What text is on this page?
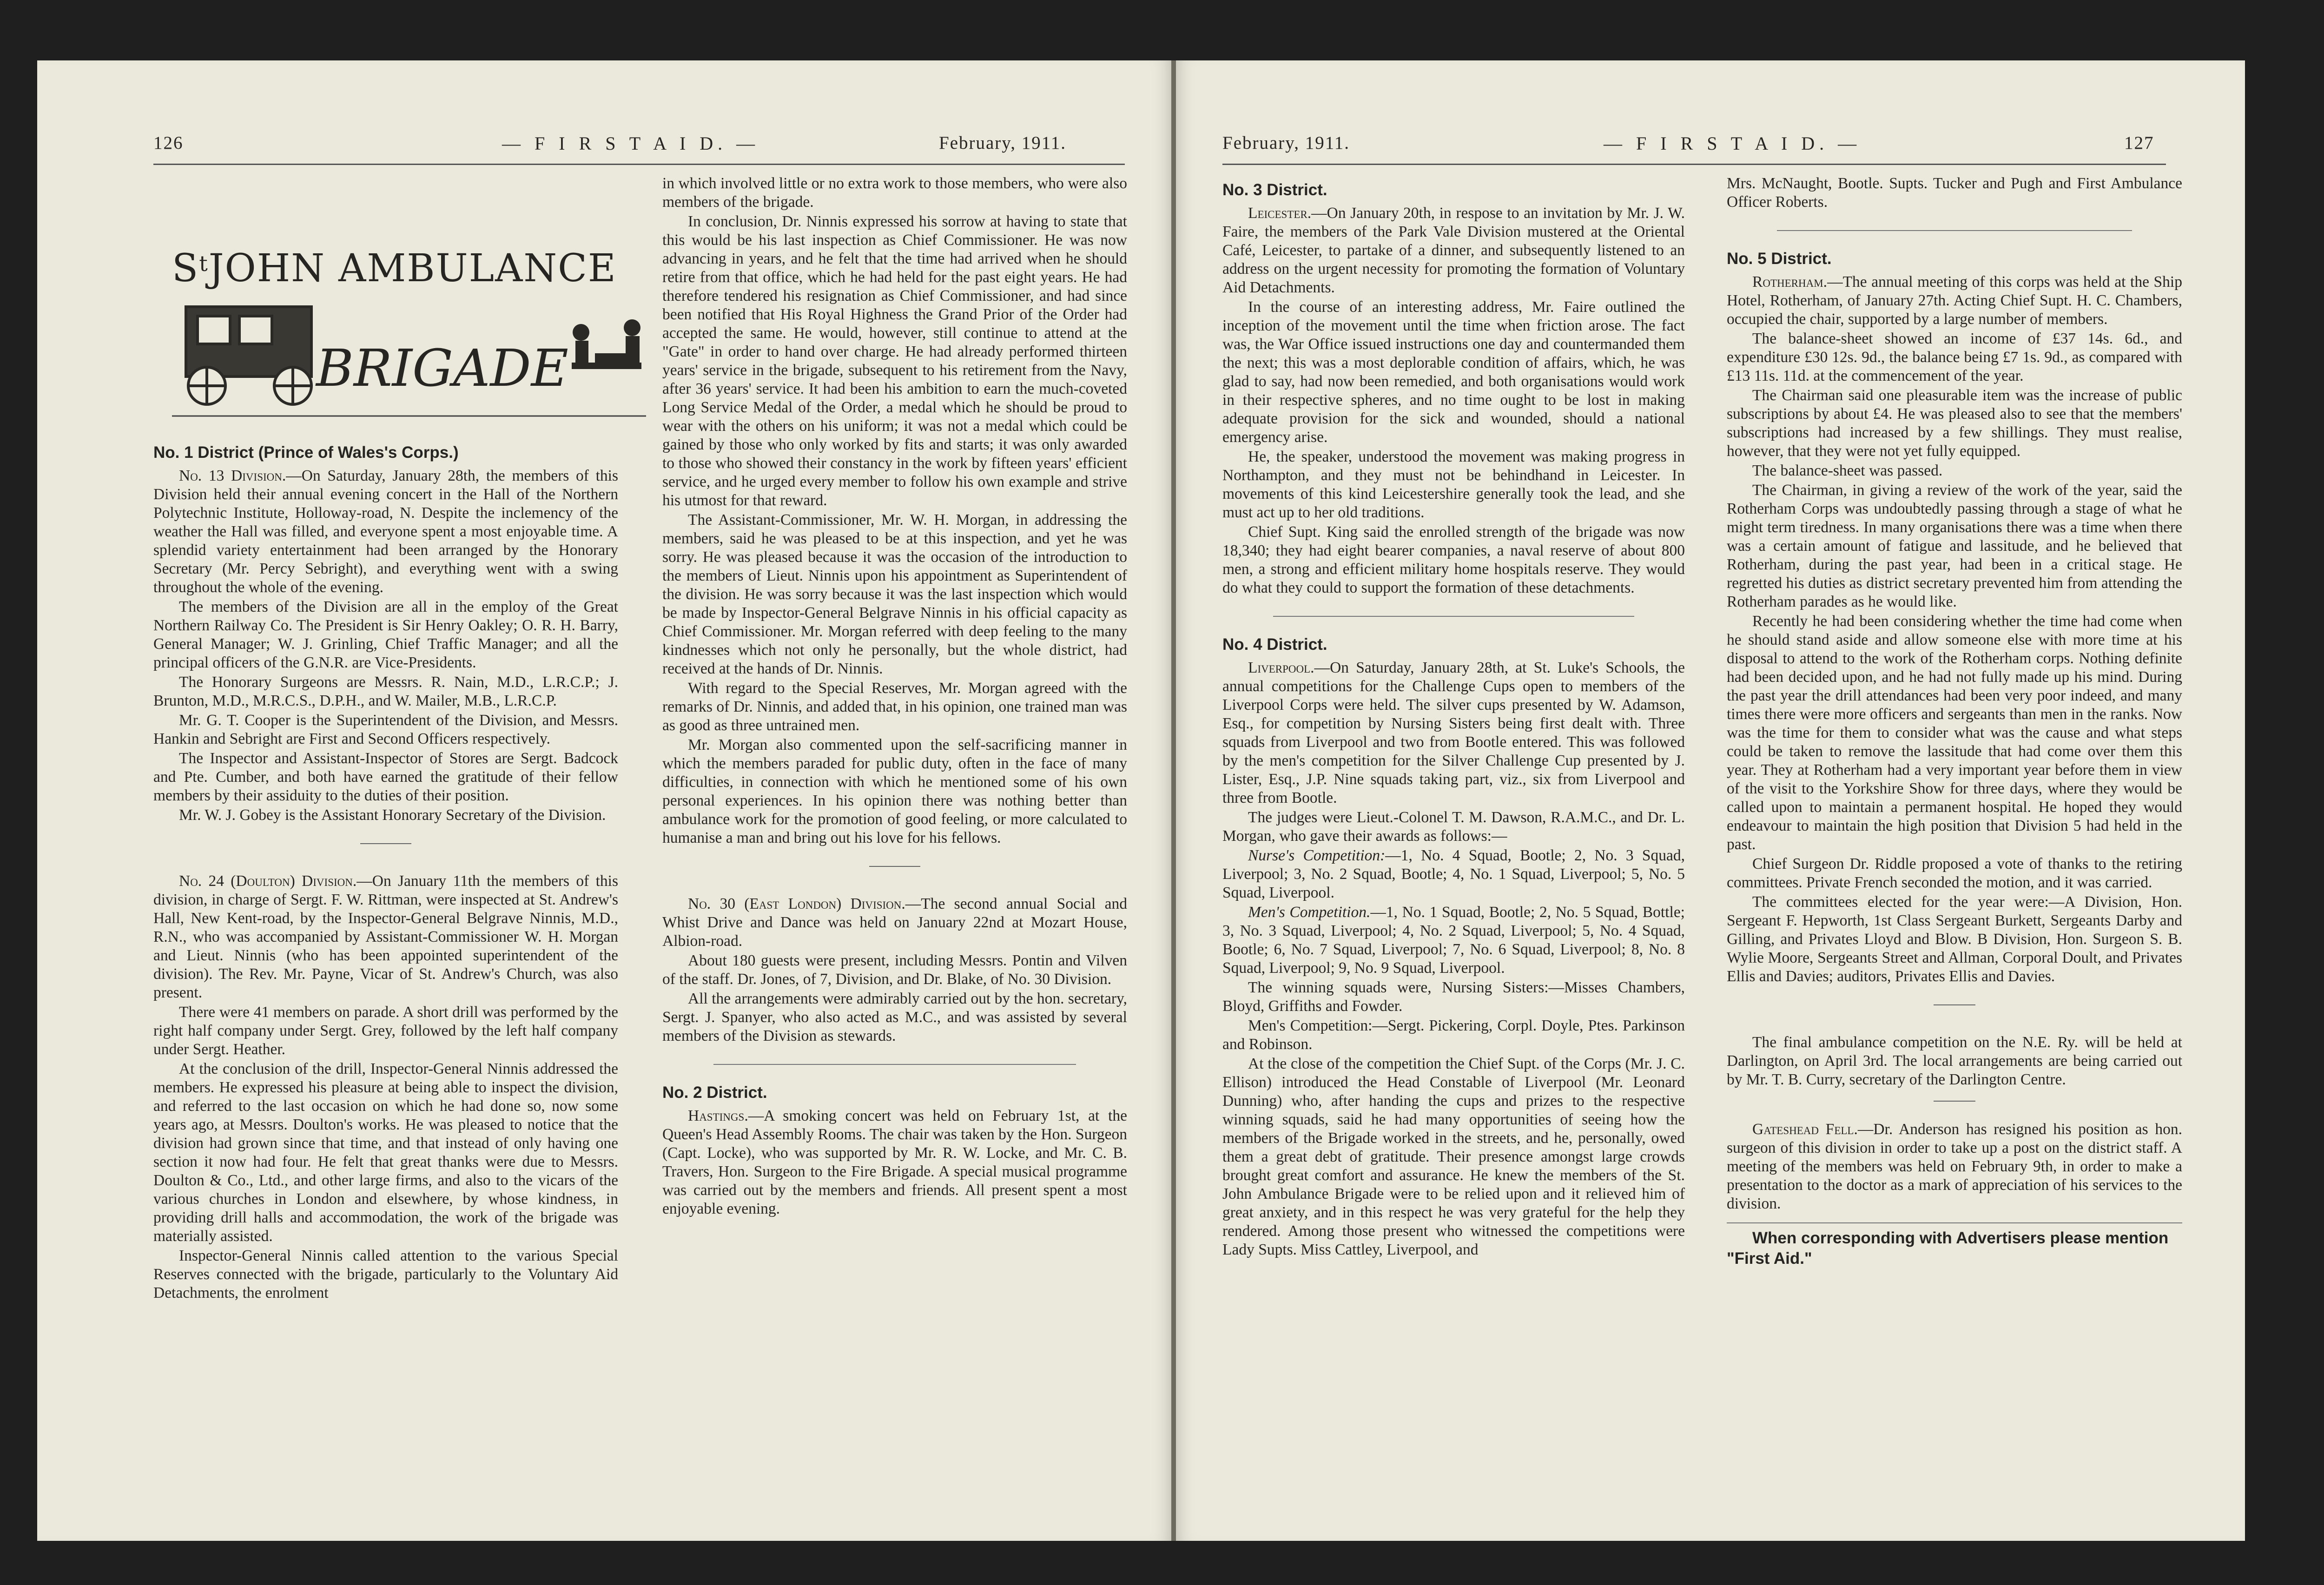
126	— F I R S T A I D. —	February, 1911.
$S^tJOHN$ AMBULANCE
BRIGADE
No. 1 District (Prince of Wales's Corps.)

No. 13 Division.—On Saturday, January 28th, the members of this Division held their annual evening concert in the Hall of the Northern Polytechnic Institute, Holloway-road, N. Despite the inclemency of the weather the Hall was filled, and everyone spent a most enjoyable time. A splendid variety entertainment had been arranged by the Honorary Secretary (Mr. Percy Sebright), and everything went with a swing throughout the whole of the evening.

The members of the Division are all in the employ of the Great Northern Railway Co. The President is Sir Henry Oakley; O. R. H. Barry, General Manager; W. J. Grinling, Chief Traffic Manager; and all the principal officers of the G.N.R. are Vice-Presidents.

The Honorary Surgeons are Messrs. R. Nain, M.D., L.R.C.P.; J. Brunton, M.D., M.R.C.S., D.P.H., and W. Mailer, M.B., L.R.C.P.

Mr. G. T. Cooper is the Superintendent of the Division, and Messrs. Hankin and Sebright are First and Second Officers respectively.

The Inspector and Assistant-Inspector of Stores are Sergt. Badcock and Pte. Cumber, and both have earned the gratitude of their fellow members by their assiduity to the duties of their position.

Mr. W. J. Gobey is the Assistant Honorary Secretary of the Division.

No. 24 (Doulton) Division.—On January 11th the members of this division, in charge of Sergt. F. W. Rittman, were inspected at St. Andrew's Hall, New Kent-road, by the Inspector-General Belgrave Ninnis, M.D., R.N., who was accompanied by Assistant-Commissioner W. H. Morgan and Lieut. Ninnis (who has been appointed superintendent of the division). The Rev. Mr. Payne, Vicar of St. Andrew's Church, was also present.

There were 41 members on parade. A short drill was performed by the right half company under Sergt. Grey, followed by the left half company under Sergt. Heather.

At the conclusion of the drill, Inspector-General Ninnis addressed the members. He expressed his pleasure at being able to inspect the division, and referred to the last occasion on which he had done so, now some years ago, at Messrs. Doulton's works. He was pleased to notice that the division had grown since that time, and that instead of only having one section it now had four. He felt that great thanks were due to Messrs. Doulton & Co., Ltd., and other large firms, and also to the vicars of the various churches in London and elsewhere, by whose kindness, in providing drill halls and accommodation, the work of the brigade was materially assisted.

Inspector-General Ninnis called attention to the various Special Reserves connected with the brigade, particularly to the Voluntary Aid Detachments, the enrolment

in which involved little or no extra work to those members, who were also members of the brigade.

In conclusion, Dr. Ninnis expressed his sorrow at having to state that this would be his last inspection as Chief Commissioner. He was now advancing in years, and he felt that the time had arrived when he should retire from that office, which he had held for the past eight years. He had therefore tendered his resignation as Chief Commissioner, and had since been notified that His Royal Highness the Grand Prior of the Order had accepted the same. He would, however, still continue to attend at the "Gate" in order to hand over charge. He had already performed thirteen years' service in the brigade, subsequent to his retirement from the Navy, after 36 years' service. It had been his ambition to earn the much-coveted Long Service Medal of the Order, a medal which he should be proud to wear with the others on his uniform; it was not a medal which could be gained by those who only worked by fits and starts; it was only awarded to those who showed their constancy in the work by fifteen years' efficient service, and he urged every member to follow his own example and strive his utmost for that reward.

The Assistant-Commissioner, Mr. W. H. Morgan, in addressing the members, said he was pleased to be at this inspection, and yet he was sorry. He was pleased because it was the occasion of the introduction to the members of Lieut. Ninnis upon his appointment as Superintendent of the division. He was sorry because it was the last inspection which would be made by Inspector-General Belgrave Ninnis in his official capacity as Chief Commissioner. Mr. Morgan referred with deep feeling to the many kindnesses which not only he personally, but the whole district, had received at the hands of Dr. Ninnis.

With regard to the Special Reserves, Mr. Morgan agreed with the remarks of Dr. Ninnis, and added that, in his opinion, one trained man was as good as three untrained men.

Mr. Morgan also commented upon the self-sacrificing manner in which the members paraded for public duty, often in the face of many difficulties, in connection with which he mentioned some of his own personal experiences. In his opinion there was nothing better than ambulance work for the promotion of good feeling, or more calculated to humanise a man and bring out his love for his fellows.

No. 30 (East London) Division.—The second annual Social and Whist Drive and Dance was held on January 22nd at Mozart House, Albion-road.

About 180 guests were present, including Messrs. Pontin and Vilven of the staff. Dr. Jones, of 7, Division, and Dr. Blake, of No. 30 Division.

All the arrangements were admirably carried out by the hon. secretary, Sergt. J. Spanyer, who also acted as M.C., and was assisted by several members of the Division as stewards.

No. 2 District.

Hastings.—A smoking concert was held on February 1st, at the Queen's Head Assembly Rooms. The chair was taken by the Hon. Surgeon (Capt. Locke), who was supported by Mr. R. W. Locke, and Mr. C. B. Travers, Hon. Surgeon to the Fire Brigade. A special musical programme was carried out by the members and friends. All present spent a most enjoyable evening.

February, 1911.	— F I R S T A I D. —	127
No. 3 District.

Leicester.—On January 20th, in respose to an invitation by Mr. J. W. Faire, the members of the Park Vale Division mustered at the Oriental Café, Leicester, to partake of a dinner, and subsequently listened to an address on the urgent necessity for promoting the formation of Voluntary Aid Detachments.

In the course of an interesting address, Mr. Faire outlined the inception of the movement until the time when friction arose. The fact was, the War Office issued instructions one day and countermanded them the next; this was a most deplorable condition of affairs, which, he was glad to say, had now been remedied, and both organisations would work in their respective spheres, and no time ought to be lost in making adequate provision for the sick and wounded, should a national emergency arise.

He, the speaker, understood the movement was making progress in Northampton, and they must not be behindhand in Leicester. In movements of this kind Leicestershire generally took the lead, and she must act up to her old traditions.

Chief Supt. King said the enrolled strength of the brigade was now 18,340; they had eight bearer companies, a naval reserve of about 800 men, a strong and efficient military home hospitals reserve. They would do what they could to support the formation of these detachments.

No. 4 District.

Liverpool.—On Saturday, January 28th, at St. Luke's Schools, the annual competitions for the Challenge Cups open to members of the Liverpool Corps were held. The silver cups presented by W. Adamson, Esq., for competition by Nursing Sisters being first dealt with. Three squads from Liverpool and two from Bootle entered. This was followed by the men's competition for the Silver Challenge Cup presented by J. Lister, Esq., J.P. Nine squads taking part, viz., six from Liverpool and three from Bootle.

The judges were Lieut.-Colonel T. M. Dawson, R.A.M.C., and Dr. L. Morgan, who gave their awards as follows:—

Nurse's Competition:—1, No. 4 Squad, Bootle; 2, No. 3 Squad, Liverpool; 3, No. 2 Squad, Bootle; 4, No. 1 Squad, Liverpool; 5, No. 5 Squad, Liverpool.

Men's Competition.—1, No. 1 Squad, Bootle; 2, No. 5 Squad, Bottle; 3, No. 3 Squad, Liverpool; 4, No. 2 Squad, Liverpool; 5, No. 4 Squad, Bootle; 6, No. 7 Squad, Liverpool; 7, No. 6 Squad, Liverpool; 8, No. 8 Squad, Liverpool; 9, No. 9 Squad, Liverpool.

The winning squads were, Nursing Sisters:—Misses Chambers, Bloyd, Griffiths and Fowder.

Men's Competition:—Sergt. Pickering, Corpl. Doyle, Ptes. Parkinson and Robinson.

At the close of the competition the Chief Supt. of the Corps (Mr. J. C. Ellison) introduced the Head Constable of Liverpool (Mr. Leonard Dunning) who, after handing the cups and prizes to the respective winning squads, said he had many opportunities of seeing how the members of the Brigade worked in the streets, and he, personally, owed them a great debt of gratitude. Their presence amongst large crowds brought great comfort and assurance. He knew the members of the St. John Ambulance Brigade were to be relied upon and it relieved him of great anxiety, and in this respect he was very grateful for the help they rendered. Among those present who witnessed the competitions were Lady Supts. Miss Cattley, Liverpool, and

Mrs. McNaught, Bootle. Supts. Tucker and Pugh and First Ambulance Officer Roberts.

No. 5 District.

Rotherham.—The annual meeting of this corps was held at the Ship Hotel, Rotherham, of January 27th. Acting Chief Supt. H. C. Chambers, occupied the chair, supported by a large number of members.

The balance-sheet showed an income of £37 14s. 6d., and expenditure £30 12s. 9d., the balance being £7 1s. 9d., as compared with £13 11s. 11d. at the commencement of the year.

The Chairman said one pleasurable item was the increase of public subscriptions by about £4. He was pleased also to see that the members' subscriptions had increased by a few shillings. They must realise, however, that they were not yet fully equipped.

The balance-sheet was passed.

The Chairman, in giving a review of the work of the year, said the Rotherham Corps was undoubtedly passing through a stage of what he might term tiredness. In many organisations there was a time when there was a certain amount of fatigue and lassitude, and he believed that Rotherham, during the past year, had been in a critical stage. He regretted his duties as district secretary prevented him from attending the Rotherham parades as he would like.

Recently he had been considering whether the time had come when he should stand aside and allow someone else with more time at his disposal to attend to the work of the Rotherham corps. Nothing definite had been decided upon, and he had not fully made up his mind. During the past year the drill attendances had been very poor indeed, and many times there were more officers and sergeants than men in the ranks. Now was the time for them to consider what was the cause and what steps could be taken to remove the lassitude that had come over them this year. They at Rotherham had a very important year before them in view of the visit to the Yorkshire Show for three days, where they would be called upon to maintain a permanent hospital. He hoped they would endeavour to maintain the high position that Division 5 had held in the past.

Chief Surgeon Dr. Riddle proposed a vote of thanks to the retiring committees. Private French seconded the motion, and it was carried.

The committees elected for the year were:—A Division, Hon. Sergeant F. Hepworth, 1st Class Sergeant Burkett, Sergeants Darby and Gilling, and Privates Lloyd and Blow. B Division, Hon. Surgeon S. B. Wylie Moore, Sergeants Street and Allman, Corporal Doult, and Privates Ellis and Davies; auditors, Privates Ellis and Davies.

The final ambulance competition on the N.E. Ry. will be held at Darlington, on April 3rd. The local arrangements are being carried out by Mr. T. B. Curry, secretary of the Darlington Centre.

Gateshead Fell.—Dr. Anderson has resigned his position as hon. surgeon of this division in order to take up a post on the district staff. A meeting of the members was held on February 9th, in order to make a presentation to the doctor as a mark of appreciation of his services to the division.

When corresponding with Advertisers please mention "First Aid."
